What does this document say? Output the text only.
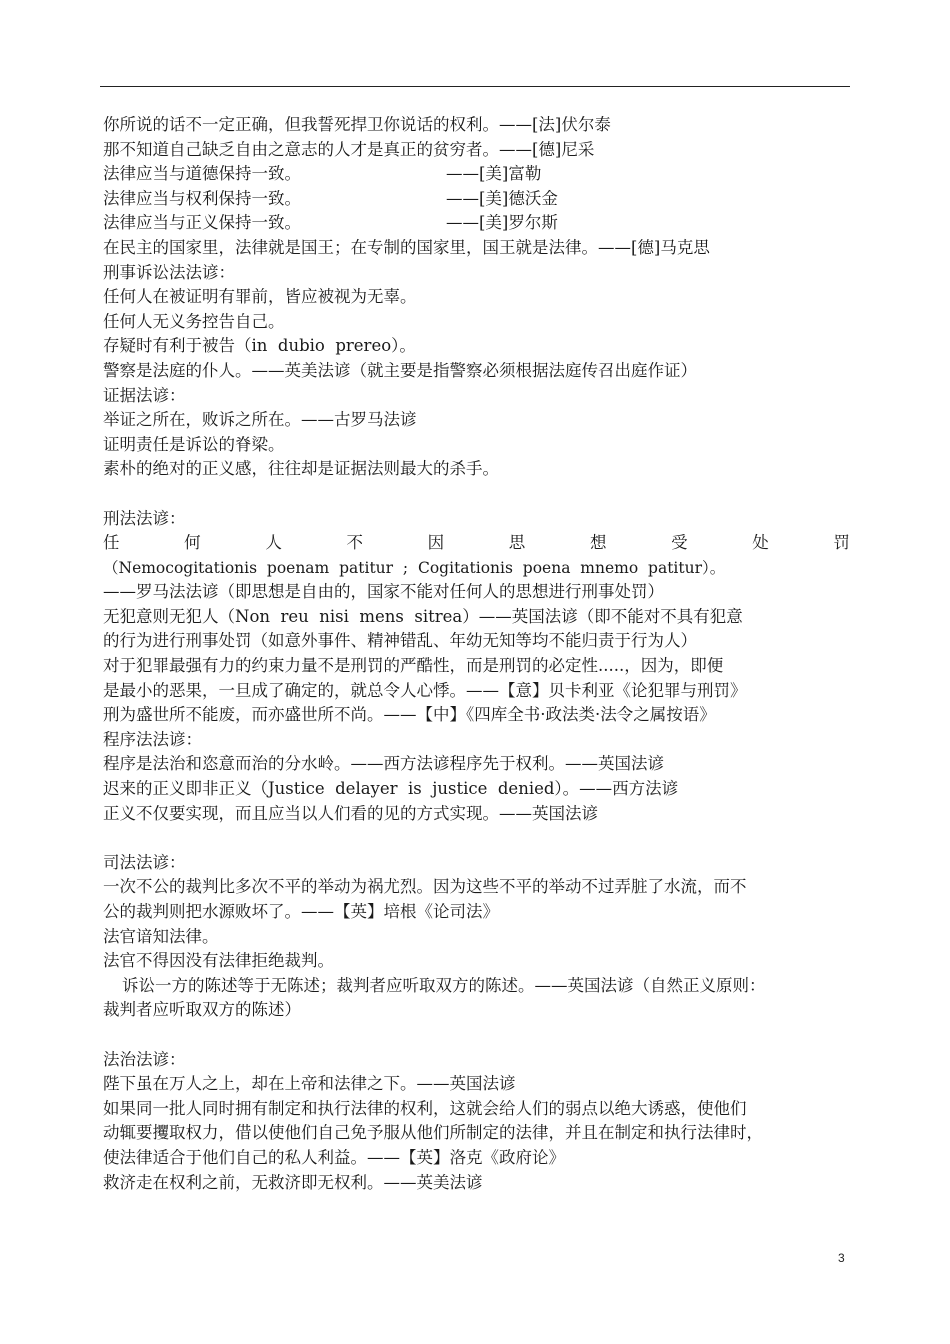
你所说的话不一定正确，但我誓死捍卫你说话的权利。——[法]伏尔泰
那不知道自己缺乏自由之意志的人才是真正的贫穷者。——[德]尼采
法律应当与道德保持一致。	——[美]富勒
法律应当与权利保持一致。	——[美]德沃金
法律应当与正义保持一致。	——[美]罗尔斯
在民主的国家里，法律就是国王；在专制的国家里，国王就是法律。——[德]马克思
刑事诉讼法法谚：
任何人在被证明有罪前，皆应被视为无辜。
任何人无义务控告自己。
存疑时有利于被告（in  dubio  prereo）。
警察是法庭的仆人。——英美法谚（就主要是指警察必须根据法庭传召出庭作证）
证据法谚：
举证之所在，败诉之所在。——古罗马法谚
证明责任是诉讼的脊梁。
素朴的绝对的正义感，往往却是证据法则最大的杀手。
刑法法谚：
任	何	人	不	因	思	想	受	处	罚
（Nemocogitationis  poenam  patitur  ;  Cogitationis  poena  mnemo  patitur）。
——罗马法法谚（即思想是自由的，国家不能对任何人的思想进行刑事处罚）
无犯意则无犯人（Non  reu  nisi  mens  sitrea）——英国法谚（即不能对不具有犯意
的行为进行刑事处罚（如意外事件、精神错乱、年幼无知等均不能归责于行为人）
对于犯罪最强有力的约束力量不是刑罚的严酷性，而是刑罚的必定性.....，因为，即便
是最小的恶果，一旦成了确定的，就总令人心悸。——【意】贝卡利亚《论犯罪与刑罚》
刑为盛世所不能废，而亦盛世所不尚。——【中】《四库全书·政法类·法令之属按语》
程序法法谚：
程序是法治和恣意而治的分水岭。——西方法谚程序先于权利。——英国法谚
迟来的正义即非正义（Justice  delayer  is  justice  denied）。——西方法谚
正义不仅要实现，而且应当以人们看的见的方式实现。——英国法谚
司法法谚：
一次不公的裁判比多次不平的举动为祸尤烈。因为这些不平的举动不过弄脏了水流，而不
公的裁判则把水源败坏了。——【英】培根《论司法》
法官谙知法律。
法官不得因没有法律拒绝裁判。
诉讼一方的陈述等于无陈述；裁判者应听取双方的陈述。——英国法谚（自然正义原则：
裁判者应听取双方的陈述）
法治法谚：
陛下虽在万人之上，却在上帝和法律之下。——英国法谚
如果同一批人同时拥有制定和执行法律的权利，这就会给人们的弱点以绝大诱惑，使他们
动辄要攫取权力，借以使他们自己免予服从他们所制定的法律，并且在制定和执行法律时，
使法律适合于他们自己的私人利益。——【英】洛克《政府论》
救济走在权利之前，无救济即无权利。——英美法谚
3
